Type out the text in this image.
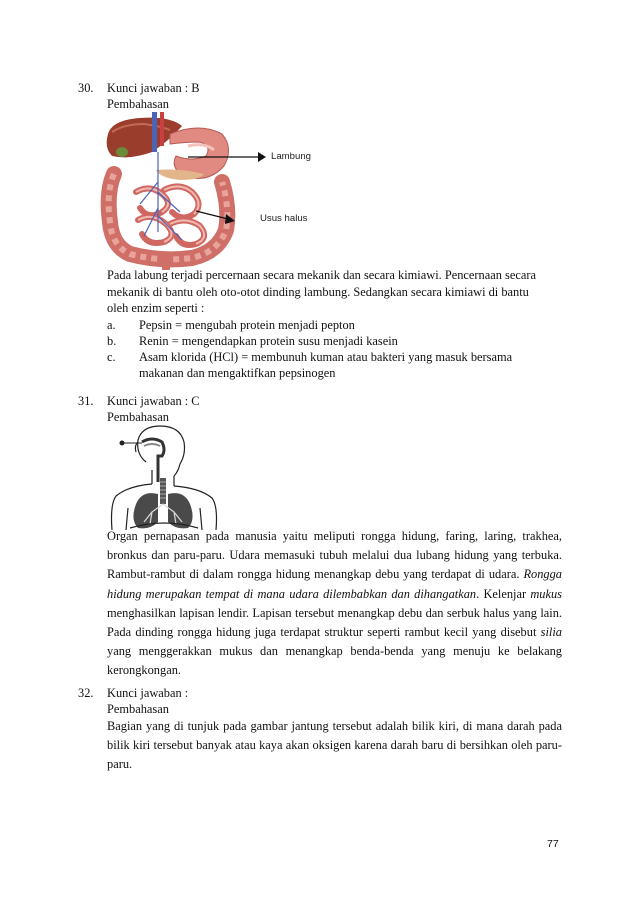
30. Kunci jawaban : B
Pembahasan
Lambung
Usus halus
Pada labung terjadi percernaan secara mekanik dan secara kimiawi. Pencernaan secara
mekanik di bantu oleh oto-otot dinding lambung. Sedangkan secara kimiawi di bantu
oleh enzim seperti :
a. Pepsin = mengubah protein menjadi pepton
b. Renin = mengendapkan protein susu menjadi kasein
c. Asam klorida (HCl) = membunuh kuman atau bakteri yang masuk bersama
makanan dan mengaktifkan pepsinogen
31. Kunci jawaban : C
Pembahasan
Organ pernapasan pada manusia yaitu meliputi rongga hidung, faring, laring, trakhea, bronkus dan paru-paru. Udara memasuki tubuh melalui dua lubang hidung yang terbuka. Rambut-rambut di dalam rongga hidung menangkap debu yang terdapat di udara. Rongga hidung merupakan tempat di mana udara dilembabkan dan dihangatkan. Kelenjar mukus menghasilkan lapisan lendir. Lapisan tersebut menangkap debu dan serbuk halus yang lain. Pada dinding rongga hidung juga terdapat struktur seperti rambut kecil yang disebut silia yang menggerakkan mukus dan menangkap benda-benda yang menuju ke belakang kerongkongan.
32. Kunci jawaban :
Pembahasan
Bagian yang di tunjuk pada gambar jantung tersebut adalah bilik kiri, di mana darah pada bilik kiri tersebut banyak atau kaya akan oksigen karena darah baru di bersihkan oleh paru-paru.
77
